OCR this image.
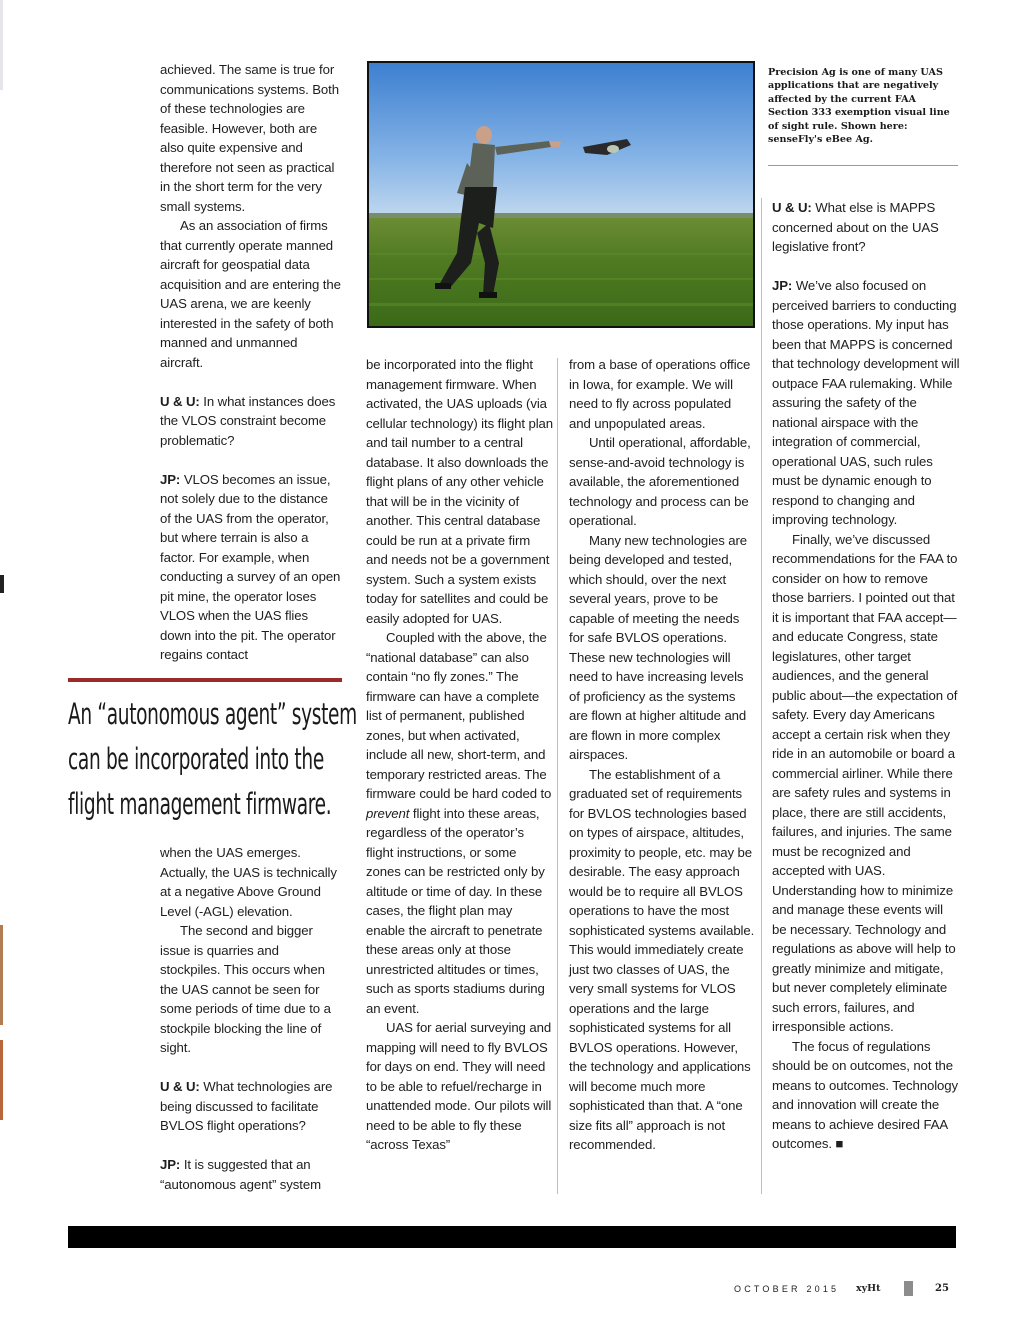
Precision Ag is one of many UAS applications that are negatively affected by the current FAA Section 333 exemption visual line of sight rule. Shown here: senseFly's eBee Ag.

achieved. The same is true for communications systems. Both of these technologies are feasible. However, both are also quite expensive and therefore not seen as practical in the short term for the very small systems.

As an association of firms that currently operate manned aircraft for geospatial data acquisition and are entering the UAS arena, we are keenly interested in the safety of both manned and unmanned aircraft.

U & U: In what instances does the VLOS constraint become problematic?

JP: VLOS becomes an issue, not solely due to the distance of the UAS from the operator, but where terrain is also a factor. For example, when conducting a survey of an open pit mine, the operator loses VLOS when the UAS flies down into the pit. The operator regains contact

An “autonomous agent” system
can be incorporated into the
flight management firmware.

when the UAS emerges. Actually, the UAS is technically at a negative Above Ground Level (-AGL) elevation.

The second and bigger issue is quarries and stockpiles. This occurs when the UAS cannot be seen for some periods of time due to a stockpile blocking the line of sight.

U & U: What technologies are being discussed to facilitate BVLOS flight operations?

JP: It is suggested that an “autonomous agent” system

be incorporated into the flight management firmware. When activated, the UAS uploads (via cellular technology) its flight plan and tail number to a central database. It also downloads the flight plans of any other vehicle that will be in the vicinity of another. This central database could be run at a private firm and needs not be a government system. Such a system exists today for satellites and could be easily adopted for UAS.

Coupled with the above, the “national database” can also contain “no fly zones.” The firmware can have a complete list of permanent, published zones, but when activated, include all new, short-term, and temporary restricted areas. The firmware could be hard coded to prevent flight into these areas, regardless of the operator’s flight instructions, or some zones can be restricted only by altitude or time of day. In these cases, the flight plan may enable the aircraft to penetrate these areas only at those unrestricted altitudes or times, such as sports stadiums during an event.

UAS for aerial surveying and mapping will need to fly BVLOS for days on end. They will need to be able to refuel/recharge in unattended mode. Our pilots will need to be able to fly these “across Texas”

from a base of operations office in Iowa, for example. We will need to fly across populated and unpopulated areas.

Until operational, affordable, sense-and-avoid technology is available, the aforementioned technology and process can be operational.

Many new technologies are being developed and tested, which should, over the next several years, prove to be capable of meeting the needs for safe BVLOS operations. These new technologies will need to have increasing levels of proficiency as the systems are flown at higher altitude and are flown in more complex airspaces.

The establishment of a graduated set of requirements for BVLOS technologies based on types of airspace, altitudes, proximity to people, etc. may be desirable. The easy approach would be to require all BVLOS operations to have the most sophisticated systems available. This would immediately create just two classes of UAS, the very small systems for VLOS operations and the large sophisticated systems for all BVLOS operations. However, the technology and applications will become much more sophisticated than that. A “one size fits all” approach is not recommended.

U & U: What else is MAPPS concerned about on the UAS legislative front?

JP: We’ve also focused on perceived barriers to conducting those operations. My input has been that MAPPS is concerned that technology development will outpace FAA rulemaking. While assuring the safety of the national airspace with the integration of commercial, operational UAS, such rules must be dynamic enough to respond to changing and improving technology.

Finally, we’ve discussed recommendations for the FAA to consider on how to remove those barriers. I pointed out that it is important that FAA accept—and educate Congress, state legislatures, other target audiences, and the general public about—the expectation of safety. Every day Americans accept a certain risk when they ride in an automobile or board a commercial airliner. While there are safety rules and systems in place, there are still accidents, failures, and injuries. The same must be recognized and accepted with UAS. Understanding how to minimize and manage these events will be necessary. Technology and regulations as above will help to greatly minimize and mitigate, but never completely eliminate such errors, failures, and irresponsible actions.

The focus of regulations should be on outcomes, not the means to outcomes. Technology and innovation will create the means to achieve desired FAA outcomes. ■

OCTOBER 2015 xyHt	25
